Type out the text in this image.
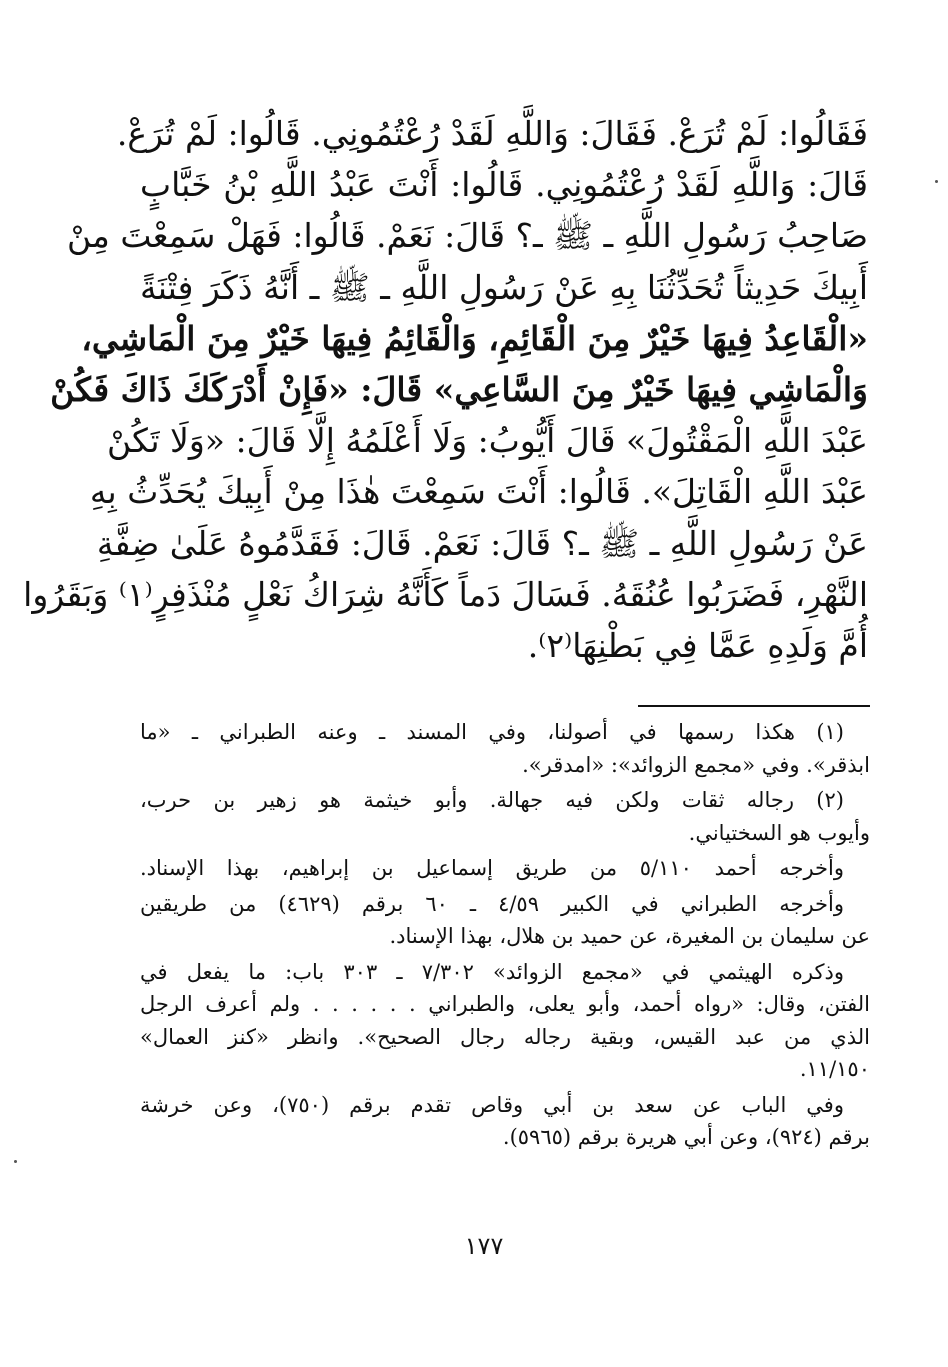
فَقَالُوا: لَمْ تُرَعْ. فَقَالَ: وَاللَّهِ لَقَدْ رُعْتُمُونِي. قَالُوا: لَمْ تُرَعْ.
قَالَ: وَاللَّهِ لَقَدْ رُعْتُمُونِي. قَالُوا: أَنْتَ عَبْدُ اللَّهِ بْنُ خَبَّابٍ
صَاحِبُ رَسُولِ اللَّهِ ـ ﷺ ـ؟ قَالَ: نَعَمْ. قَالُوا: فَهَلْ سَمِعْتَ مِنْ
أَبِيكَ حَدِيثاً تُحَدِّثُنَا بِهِ عَنْ رَسُولِ اللَّهِ ـ ﷺ ـ أَنَّهُ ذَكَرَ فِتْنَةً
«الْقَاعِدُ فِيهَا خَيْرٌ مِنَ الْقَائِمِ، وَالْقَائِمُ فِيهَا خَيْرٌ مِنَ الْمَاشِي،
وَالْمَاشِي فِيهَا خَيْرٌ مِنَ السَّاعِي» قَالَ: «فَإِنْ أَدْرَكَكَ ذَاكَ فَكُنْ
عَبْدَ اللَّهِ الْمَقْتُولَ» قَالَ أَيُّوبُ: وَلَا أَعْلَمُهُ إِلَّا قَالَ: «وَلَا تَكُنْ
عَبْدَ اللَّهِ الْقَاتِلَ». قَالُوا: أَنْتَ سَمِعْتَ هٰذَا مِنْ أَبِيكَ يُحَدِّثُ بِهِ
عَنْ رَسُولِ اللَّهِ ـ ﷺ ـ؟ قَالَ: نَعَمْ. قَالَ: فَقَدَّمُوهُ عَلَىٰ ضِفَّةِ
النَّهْرِ، فَضَرَبُوا عُنُقَهُ. فَسَالَ دَماً كَأَنَّهُ شِرَاكُ نَعْلٍ مُنْذَفِرٍ⁽١⁾ وَبَقَرُوا
أُمَّ وَلَدِهِ عَمَّا فِي بَطْنِهَا⁽٢⁾.
(١) هكذا رسمها في أصولنا، وفي المسند ـ وعنه الطبراني ـ «ما
ابذقر». وفي «مجمع الزوائد»: «امدقر».
(٢) رجاله ثقات ولكن فيه جهالة. وأبو خيثمة هو زهير بن حرب،
وأيوب هو السختياني.
وأخرجه أحمد ٥/١١٠ من طريق إسماعيل بن إبراهيم، بهذا الإسناد.
وأخرجه الطبراني في الكبير ٤/٥٩ ـ ٦٠ برقم (٤٦٢٩) من طريقين
عن سليمان بن المغيرة، عن حميد بن هلال، بهذا الإسناد.
وذكره الهيثمي في «مجمع الزوائد» ٧/٣٠٢ ـ ٣٠٣ باب: ما يفعل في
الفتن، وقال: «رواه أحمد، وأبو يعلى، والطبراني . . . . . . ولم أعرف الرجل
الذي من عبد القيس، وبقية رجاله رجال الصحيح». وانظر «كنز العمال»
١١/١٥٠.
وفي الباب عن سعد بن أبي وقاص تقدم برقم (٧٥٠)، وعن خرشة
برقم (٩٢٤)، وعن أبي هريرة برقم (٥٩٦٥).
١٧٧
